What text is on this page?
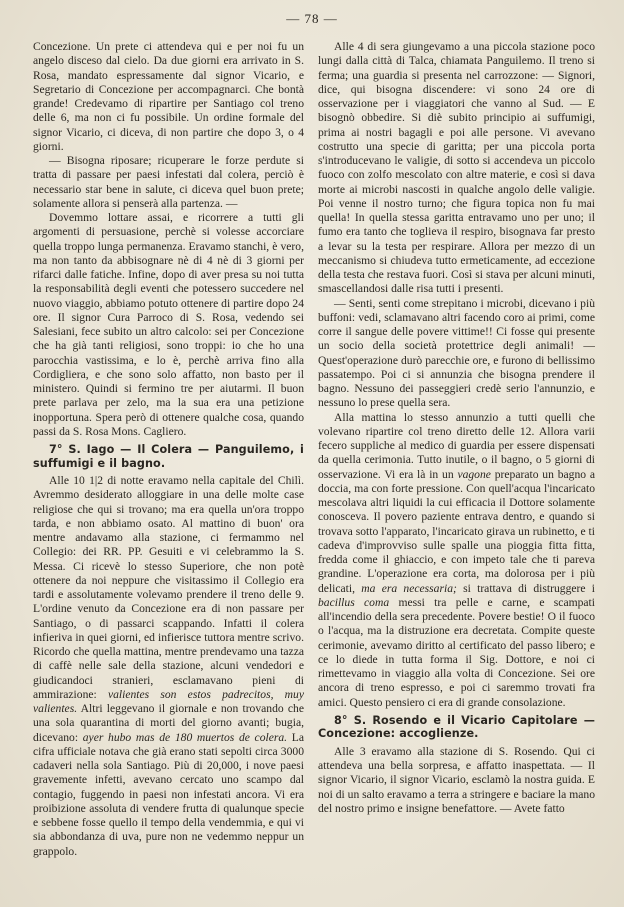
— 78 —

Concezione. Un prete ci attendeva qui e per noi fu un angelo disceso dal cielo. Da due giorni era arrivato in S. Rosa, mandato espressamente dal signor Vicario, e Segretario di Concezione per accompagnarci. Che bontà grande! Credevamo di ripartire per Santiago col treno delle 6, ma non ci fu possibile. Un ordine formale del signor Vicario, ci diceva, di non partire che dopo 3, o 4 giorni.

— Bisogna riposare; ricuperare le forze perdute si tratta di passare per paesi infestati dal colera, perciò è necessario star bene in salute, ci diceva quel buon prete; solamente allora si penserà alla partenza. —

Dovemmo lottare assai, e ricorrere a tutti gli argomenti di persuasione, perchè si volesse accorciare quella troppo lunga permanenza. Eravamo stanchi, è vero, ma non tanto da abbisognare nè di 4 nè di 3 giorni per rifarci dalle fatiche. Infine, dopo di aver presa su noi tutta la responsabilità degli eventi che potessero succedere nel nuovo viaggio, abbiamo potuto ottenere di partire dopo 24 ore. Il signor Cura Parroco di S. Rosa, vedendo sei Salesiani, fece subito un altro calcolo: sei per Concezione che ha già tanti religiosi, sono troppi: io che ho una parocchia vastissima, e lo è, perchè arriva fino alla Cordigliera, e che sono solo affatto, non basto per il ministero. Quindi si fermino tre per aiutarmi. Il buon prete parlava per zelo, ma la sua era una petizione inopportuna. Spera però di ottenere qualche cosa, quando passi da S. Rosa Mons. Cagliero.

7° S. Iago — Il Colera — Panguilemo, i suffumigi e il bagno.

Alle 10 1|2 di notte eravamo nella capitale del Chilì. Avremmo desiderato alloggiare in una delle molte case religiose che qui si trovano; ma era quella un'ora troppo tarda, e non abbiamo osato. Al mattino di buon' ora mentre andavamo alla stazione, ci fermammo nel Collegio: dei RR. PP. Gesuiti e vi celebrammo la S. Messa. Ci ricevè lo stesso Superiore, che non potè ottenere da noi neppure che visitassimo il Collegio era tardi e assolutamente volevamo prendere il treno delle 9. L'ordine venuto da Concezione era di non passare per Santiago, o di passarci scappando. Infatti il colera infieriva in quei giorni, ed infierisce tuttora mentre scrivo. Ricordo che quella mattina, mentre prendevamo una tazza di caffè nelle sale della stazione, alcuni vendedori e giudicandoci stranieri, esclamavano pieni di ammirazione: valientes son estos padrecitos, muy valientes. Altri leggevano il giornale e non trovando che una sola quarantina di morti del giorno avanti; bugia, dicevano: ayer hubo mas de 180 muertos de colera. La cifra ufficiale notava che già erano stati sepolti circa 3000 cadaveri nella sola Santiago. Più di 20,000, i nove paesi gravemente infetti, avevano cercato uno scampo dal contagio, fuggendo in paesi non infestati ancora. Vi era proibizione assoluta di vendere frutta di qualunque specie e sebbene fosse quello il tempo della vendemmia, e qui vi sia abbondanza di uva, pure non ne vedemmo neppur un grappolo.

Alle 4 di sera giungevamo a una piccola stazione poco lungi dalla città di Talca, chiamata Panguilemo. Il treno si ferma; una guardia si presenta nel carrozzone: — Signori, dice, qui bisogna discendere: vi sono 24 ore di osservazione per i viaggiatori che vanno al Sud. — E bisognò obbedire. Si diè subito principio ai suffumigi, prima ai nostri bagagli e poi alle persone. Vi avevano costrutto una specie di garitta; per una piccola porta s'introducevano le valigie, di sotto si accendeva un piccolo fuoco con zolfo mescolato con altre materie, e così si dava morte ai microbi nascosti in qualche angolo delle valigie. Poi venne il nostro turno; che figura topica non fu mai quella! In quella stessa garitta entravamo uno per uno; il fumo era tanto che toglieva il respiro, bisognava far presto a levar su la testa per respirare. Allora per mezzo di un meccanismo si chiudeva tutto ermeticamente, ad eccezione della testa che restava fuori. Così si stava per alcuni minuti, smascellandosi dalle risa tutti i presenti.

— Senti, senti come strepitano i microbi, dicevano i più buffoni: vedi, sclamavano altri facendo coro ai primi, come corre il sangue delle povere vittime!! Ci fosse qui presente un socio della società protettrice degli animali! — Quest'operazione durò parecchie ore, e furono di bellissimo passatempo. Poi ci si annunzia che bisogna prendere il bagno. Nessuno dei passeggieri credè serio l'annunzio, e nessuno lo prese quella sera.

Alla mattina lo stesso annunzio a tutti quelli che volevano ripartire col treno diretto delle 12. Allora varii fecero suppliche al medico di guardia per essere dispensati da quella cerimonia. Tutto inutile, o il bagno, o 5 giorni di osservazione. Vi era là in un vagone preparato un bagno a doccia, ma con forte pressione. Con quell'acqua l'incaricato mescolava altri liquidi la cui efficacia il Dottore solamente conosceva. Il povero paziente entrava dentro, e quando si trovava sotto l'apparato, l'incaricato girava un rubinetto, e ti cadeva d'improvviso sulle spalle una pioggia fitta fitta, fredda come il ghiaccio, e con impeto tale che ti pareva grandine. L'operazione era corta, ma dolorosa per i più delicati, ma era necessaria; si trattava di distruggere i bacillus coma messi tra pelle e carne, e scampati all'incendio della sera precedente. Povere bestie! O il fuoco o l'acqua, ma la distruzione era decretata. Compite queste cerimonie, avevamo diritto al certificato del passo libero; e ce lo diede in tutta forma il Sig. Dottore, e noi ci rimettevamo in viaggio alla volta di Concezione. Sei ore ancora di treno espresso, e poi ci saremmo trovati fra amici. Questo pensiero ci era di grande consolazione.

8° S. Rosendo e il Vicario Capitolare — Concezione: accoglienze.

Alle 3 eravamo alla stazione di S. Rosendo. Qui ci attendeva una bella sorpresa, e affatto inaspettata. — Il signor Vicario, il signor Vicario, esclamò la nostra guida. E noi di un salto eravamo a terra a stringere e baciare la mano del nostro primo e insigne benefattore. — Avete fatto
